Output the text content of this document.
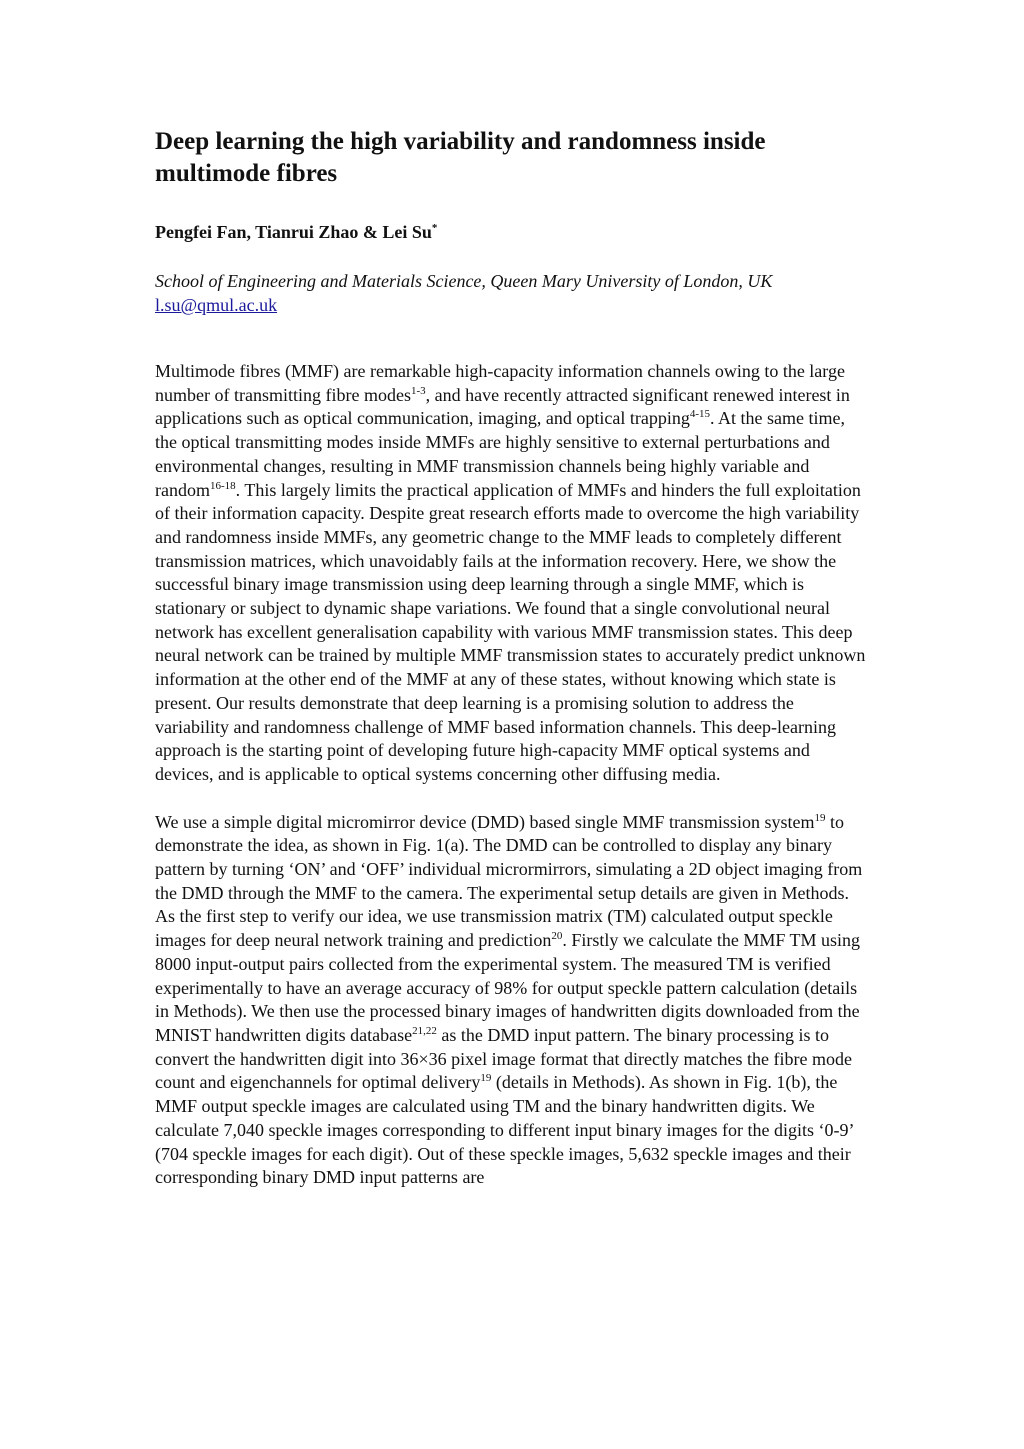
Deep learning the high variability and randomness inside multimode fibres
Pengfei Fan, Tianrui Zhao & Lei Su*
School of Engineering and Materials Science, Queen Mary University of London, UK
l.su@qmul.ac.uk

Multimode fibres (MMF) are remarkable high-capacity information channels owing to the large number of transmitting fibre modes$^{1-3}$, and have recently attracted significant renewed interest in applications such as optical communication, imaging, and optical trapping$^{4-15}$. At the same time, the optical transmitting modes inside MMFs are highly sensitive to external perturbations and environmental changes, resulting in MMF transmission channels being highly variable and random$^{16-18}$. This largely limits the practical application of MMFs and hinders the full exploitation of their information capacity. Despite great research efforts made to overcome the high variability and randomness inside MMFs, any geometric change to the MMF leads to completely different transmission matrices, which unavoidably fails at the information recovery. Here, we show the successful binary image transmission using deep learning through a single MMF, which is stationary or subject to dynamic shape variations. We found that a single convolutional neural network has excellent generalisation capability with various MMF transmission states. This deep neural network can be trained by multiple MMF transmission states to accurately predict unknown information at the other end of the MMF at any of these states, without knowing which state is present. Our results demonstrate that deep learning is a promising solution to address the variability and randomness challenge of MMF based information channels. This deep-learning approach is the starting point of developing future high-capacity MMF optical systems and devices, and is applicable to optical systems concerning other diffusing media.

We use a simple digital micromirror device (DMD) based single MMF transmission system$^{19}$ to demonstrate the idea, as shown in Fig. 1(a). The DMD can be controlled to display any binary pattern by turning ‘ON’ and ‘OFF’ individual micrormirrors, simulating a 2D object imaging from the DMD through the MMF to the camera. The experimental setup details are given in Methods. As the first step to verify our idea, we use transmission matrix (TM) calculated output speckle images for deep neural network training and prediction$^{20}$. Firstly we calculate the MMF TM using 8000 input-output pairs collected from the experimental system. The measured TM is verified experimentally to have an average accuracy of 98% for output speckle pattern calculation (details in Methods). We then use the processed binary images of handwritten digits downloaded from the MNIST handwritten digits database$^{21,22}$ as the DMD input pattern. The binary processing is to convert the handwritten digit into 36×36 pixel image format that directly matches the fibre mode count and eigenchannels for optimal delivery$^{19}$ (details in Methods). As shown in Fig. 1(b), the MMF output speckle images are calculated using TM and the binary handwritten digits. We calculate 7,040 speckle images corresponding to different input binary images for the digits ‘0-9’ (704 speckle images for each digit). Out of these speckle images, 5,632 speckle images and their corresponding binary DMD input patterns are
